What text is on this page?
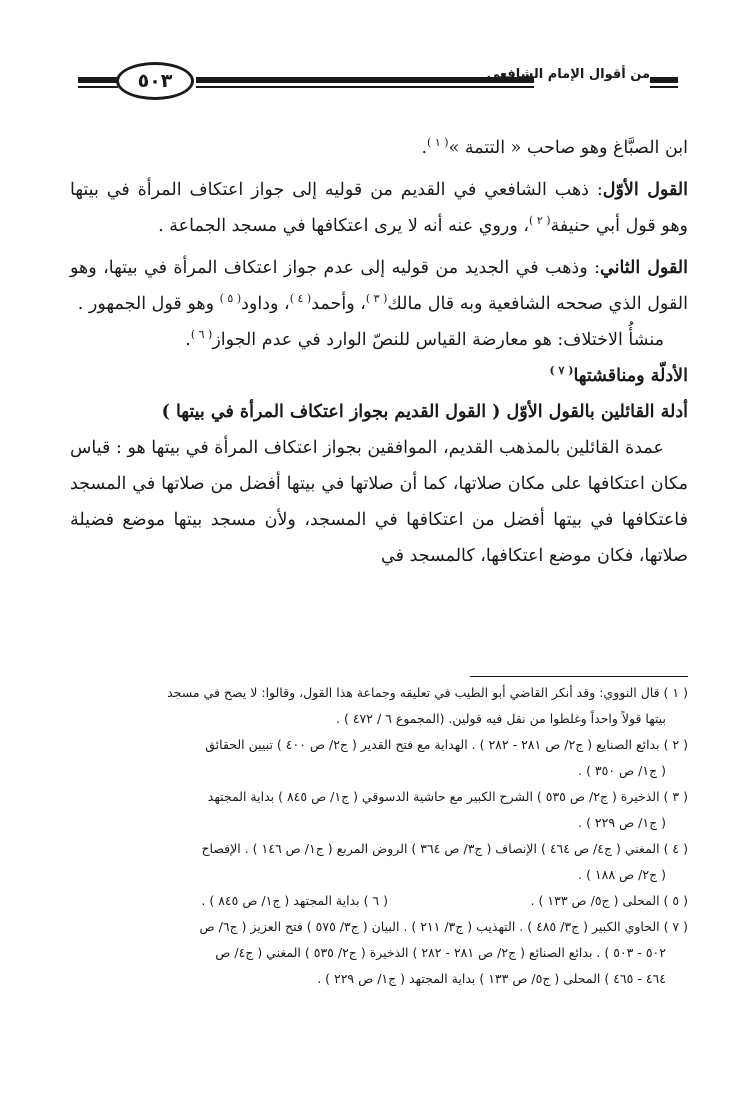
٥٠٣	من أقوال الإمام الشافعي

ابن الصبَّاغ وهو صاحب « التتمة »$^{( ١ )}$.

القول الأوّل: ذهب الشافعي في القديم من قوليه إلى جواز اعتكاف المرأة في بيتها وهو قول أبي حنيفة$^{( ٢ )}$، وروي عنه أنه لا يرى اعتكافها في مسجد الجماعة .

القول الثاني: وذهب في الجديد من قوليه إلى عدم جواز اعتكاف المرأة في بيتها، وهو القول الذي صححه الشافعية وبه قال مالك$^{( ٣ )}$، وأحمد$^{( ٤ )}$، وداود$^{( ٥ )}$ وهو قول الجمهور .

منشأُ الاختلاف: هو معارضة القياس للنصّ الوارد في عدم الجواز$^{( ٦ )}$.

الأدلّة ومناقشتها$^{( ٧ )}$

أدلة القائلين بالقول الأوّل ( القول القديم بجواز اعتكاف المرأة في بيتها )

عمدة القائلين بالمذهب القديم، الموافقين بجواز اعتكاف المرأة في بيتها هو : قياس مكان اعتكافها على مكان صلاتها، كما أن صلاتها في بيتها أفضل من صلاتها في المسجد فاعتكافها في بيتها أفضل من اعتكافها في المسجد، ولأن مسجد بيتها موضع فضيلة صلاتها، فكان موضع اعتكافها، كالمسجد في

( ١ ) قال النووي: وقد أنكر القاضي أبو الطيب في تعليقه وجماعة هذا القول، وقالوا: لا يصح في مسجد
بيتها قولاً واحداً وغلطوا من نقل فيه قولين. (المجموع ٦ / ٤٧٢ ) .

( ٢ ) بدائع الصنايع ( ج٢/ ص ٢٨١ - ٢٨٢ ) . الهداية مع فتح القدير ( ج٢/ ص ٤٠٠ ) تبيين الحقائق
( ج١/ ص ٣٥٠ ) .

( ٣ ) الذخيرة ( ج٢/ ص ٥٣٥ ) الشرح الكبير مع حاشية الدسوقي ( ج١/ ص ٨٤٥ ) بداية المجتهد
( ج١/ ص ٢٢٩ ) .

( ٤ ) المغني ( ج٤/ ص ٤٦٤ ) الإنصاف ( ج٣/ ص ٣٦٤ ) الروض المربع ( ج١/ ص ١٤٦ ) . الإفصاح
( ج٢/ ص ١٨٨ ) .

( ٥ ) المحلى ( ج٥/ ص ١٣٣ ) .
( ٦ ) بداية المجتهد ( ج١/ ص ٨٤٥ ) .

( ٧ ) الحاوي الكبير ( ج٣/ ٤٨٥ ) . التهذيب ( ج٣/ ٢١١ ) . البيان ( ج٣/ ٥٧٥ ) فتح العزيز ( ج٦/ ص
٥٠٢ - ٥٠٣ ) . بدائع الصنائع ( ج٢/ ص ٢٨١ - ٢٨٢ ) الذخيرة ( ج٢/ ٥٣٥ ) المغني ( ج٤/ ص
٤٦٤ - ٤٦٥ ) المحلى ( ج٥/ ص ١٣٣ ) بداية المجتهد ( ج١/ ص ٢٢٩ ) .
